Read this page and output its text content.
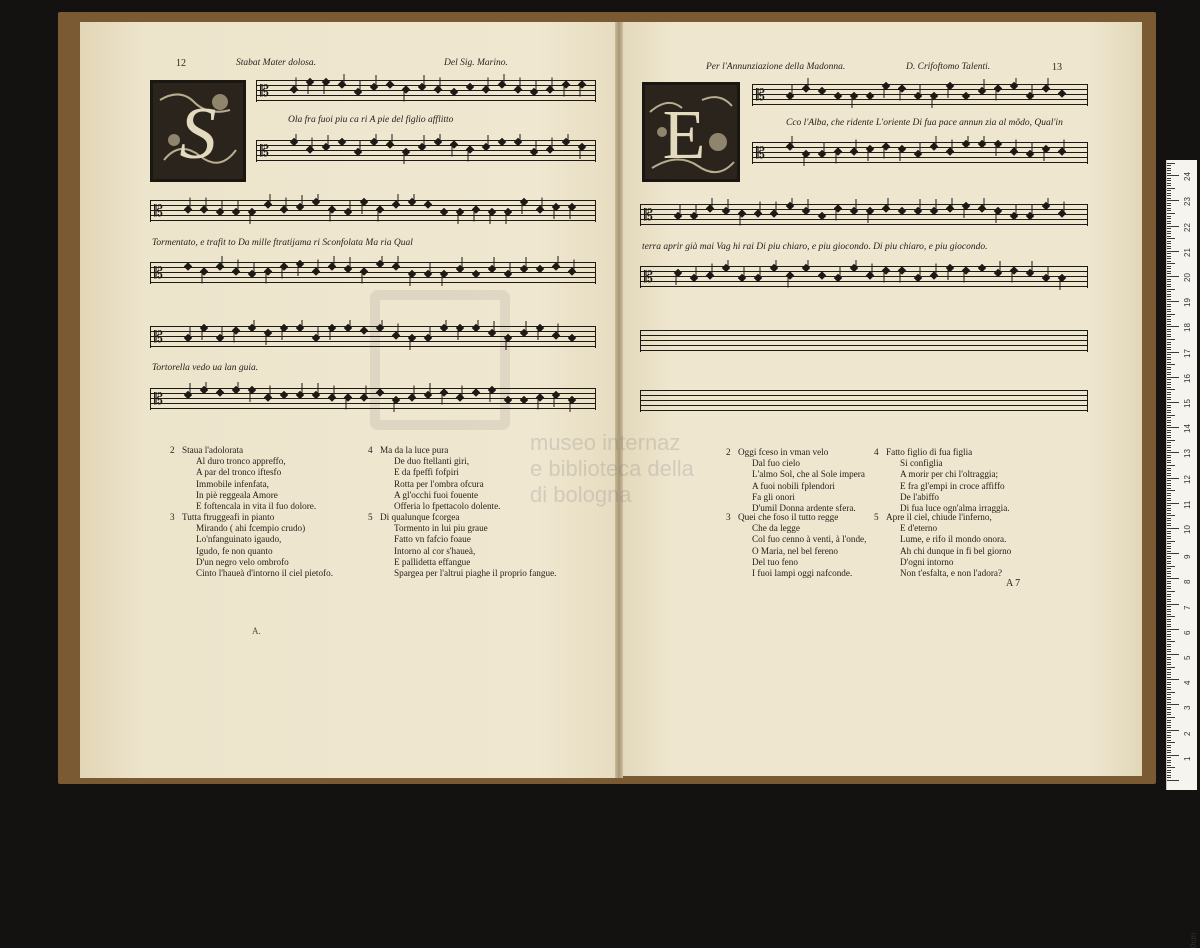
museo internaz
e biblioteca della
di bologna
12	Stabat Mater dolosa.	Del Sig. Marino.
S	E
𝄡
Ola fra fuoi piu ca ri A pie del figlio afflitto
𝄡
𝄡
Tormentato, e trafit to Da mille ftratijama ri Sconfolata Ma ria Qual
𝄡
𝄡
Tortorella vedo ua lan guia.
𝄡
𝄡
Cco l'Alba, che ridente L'oriente Di fua pace annun zia al mõdo, Qual'in
𝄡
𝄡
terra aprir già mai Vag hi rai Di piu chiaro, e piu giocondo. Di piu chiaro, e piu giocondo.
𝄡
Per l'Annunziazione della Madonna.	D. Crifoftomo Talenti.	13
2 Staua l'adolorata
Al duro tronco appreffo,
A par del tronco iftesfo
Immobile infenfata,
In piè reggeala Amore
E foftencala in vita il fuo dolore.
3 Tutta ftruggeafi in pianto
Mirando ( ahi fcempio crudo)
Lo'nfanguinato igaudo,
Igudo, fe non quanto
D'un negro velo ombrofo
Cinto l'haueà d'intorno il ciel pietofo.
4 Ma da la luce pura
De duo ftellanti giri,
E da fpeffi fofpiri
Rotta per l'ombra ofcura
A gl'occhi fuoi fouente
Offeria lo fpettacolo dolente.
5 Di qualunque fcorgea
Tormento in lui piu graue
Fatto vn fafcio foaue
Intorno al cor s'haueà,
E pallidetta effangue
Spargea per l'altrui piaghe il proprio fangue.
A.
2 Oggi fceso in vman velo
Dal fuo cielo
L'almo Sol, che al Sole impera
A fuoi nobili fplendori
Fa gli onori
D'umil Donna ardente sfera.
3 Quei che foso il tutto regge
Che da legge
Col fuo cenno à venti, à l'onde,
O Maria, nel bel fereno
Del tuo feno
I fuoi lampi oggi nafconde.
4 Fatto figlio di fua figlia
Si configlia
A morir per chi l'oltraggia;
E fra gl'empi in croce affiffo
De l'abiffo
Di fua luce ogn'alma irraggia.
5 Apre il ciel, chiude l'inferno,
E d'eterno
Lume, e rifo il mondo onora.
Ah chi dunque in fi bel giorno
D'ogni intorno
Non t'esfalta, e non l'adora?
A 7
0cm
1
2
3
4
5
6
7
8
9
10
11
12
13
14
15
16
17
18
19
20
21
22
23
24
